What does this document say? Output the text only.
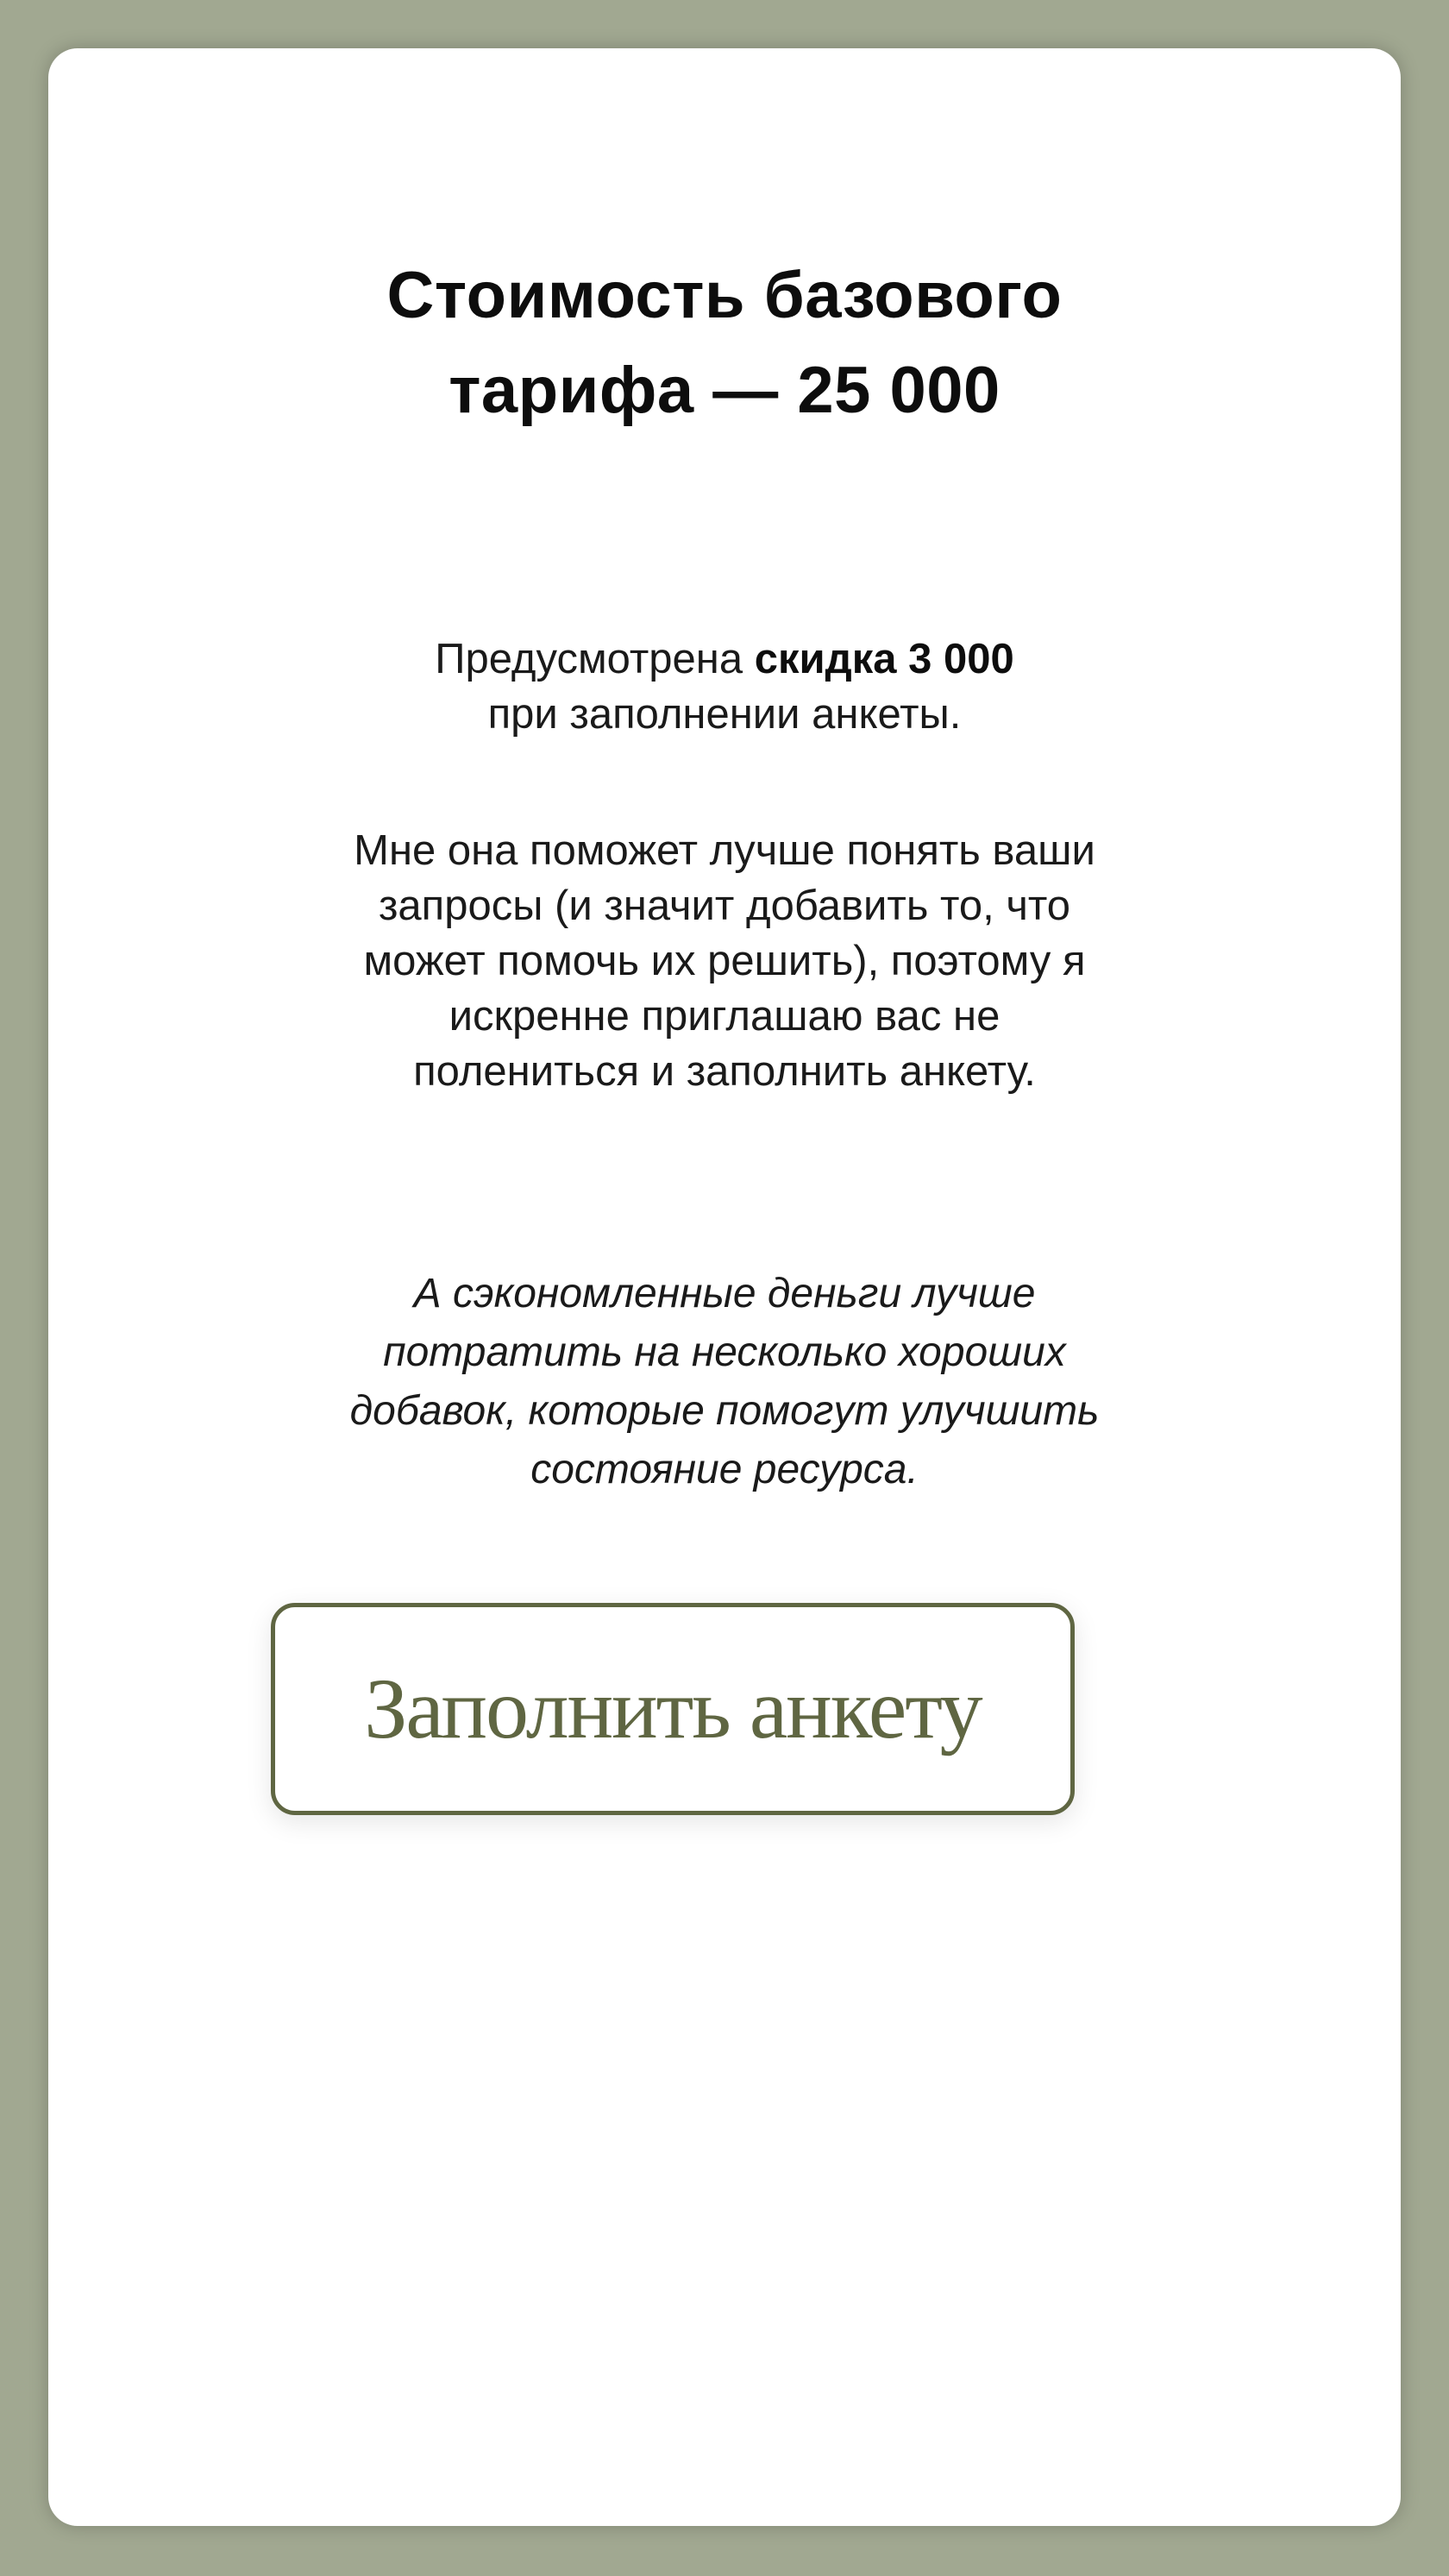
Стоимость базового
тарифа — 25 000
Предусмотрена скидка 3 000
при заполнении анкеты.
Мне она поможет лучше понять ваши
запросы (и значит добавить то, что
может помочь их решить), поэтому я
искренне приглашаю вас не
полениться и заполнить анкету.
А сэкономленные деньги лучше
потратить на несколько хороших
добавок, которые помогут улучшить
состояние ресурса.
Заполнить анкету
